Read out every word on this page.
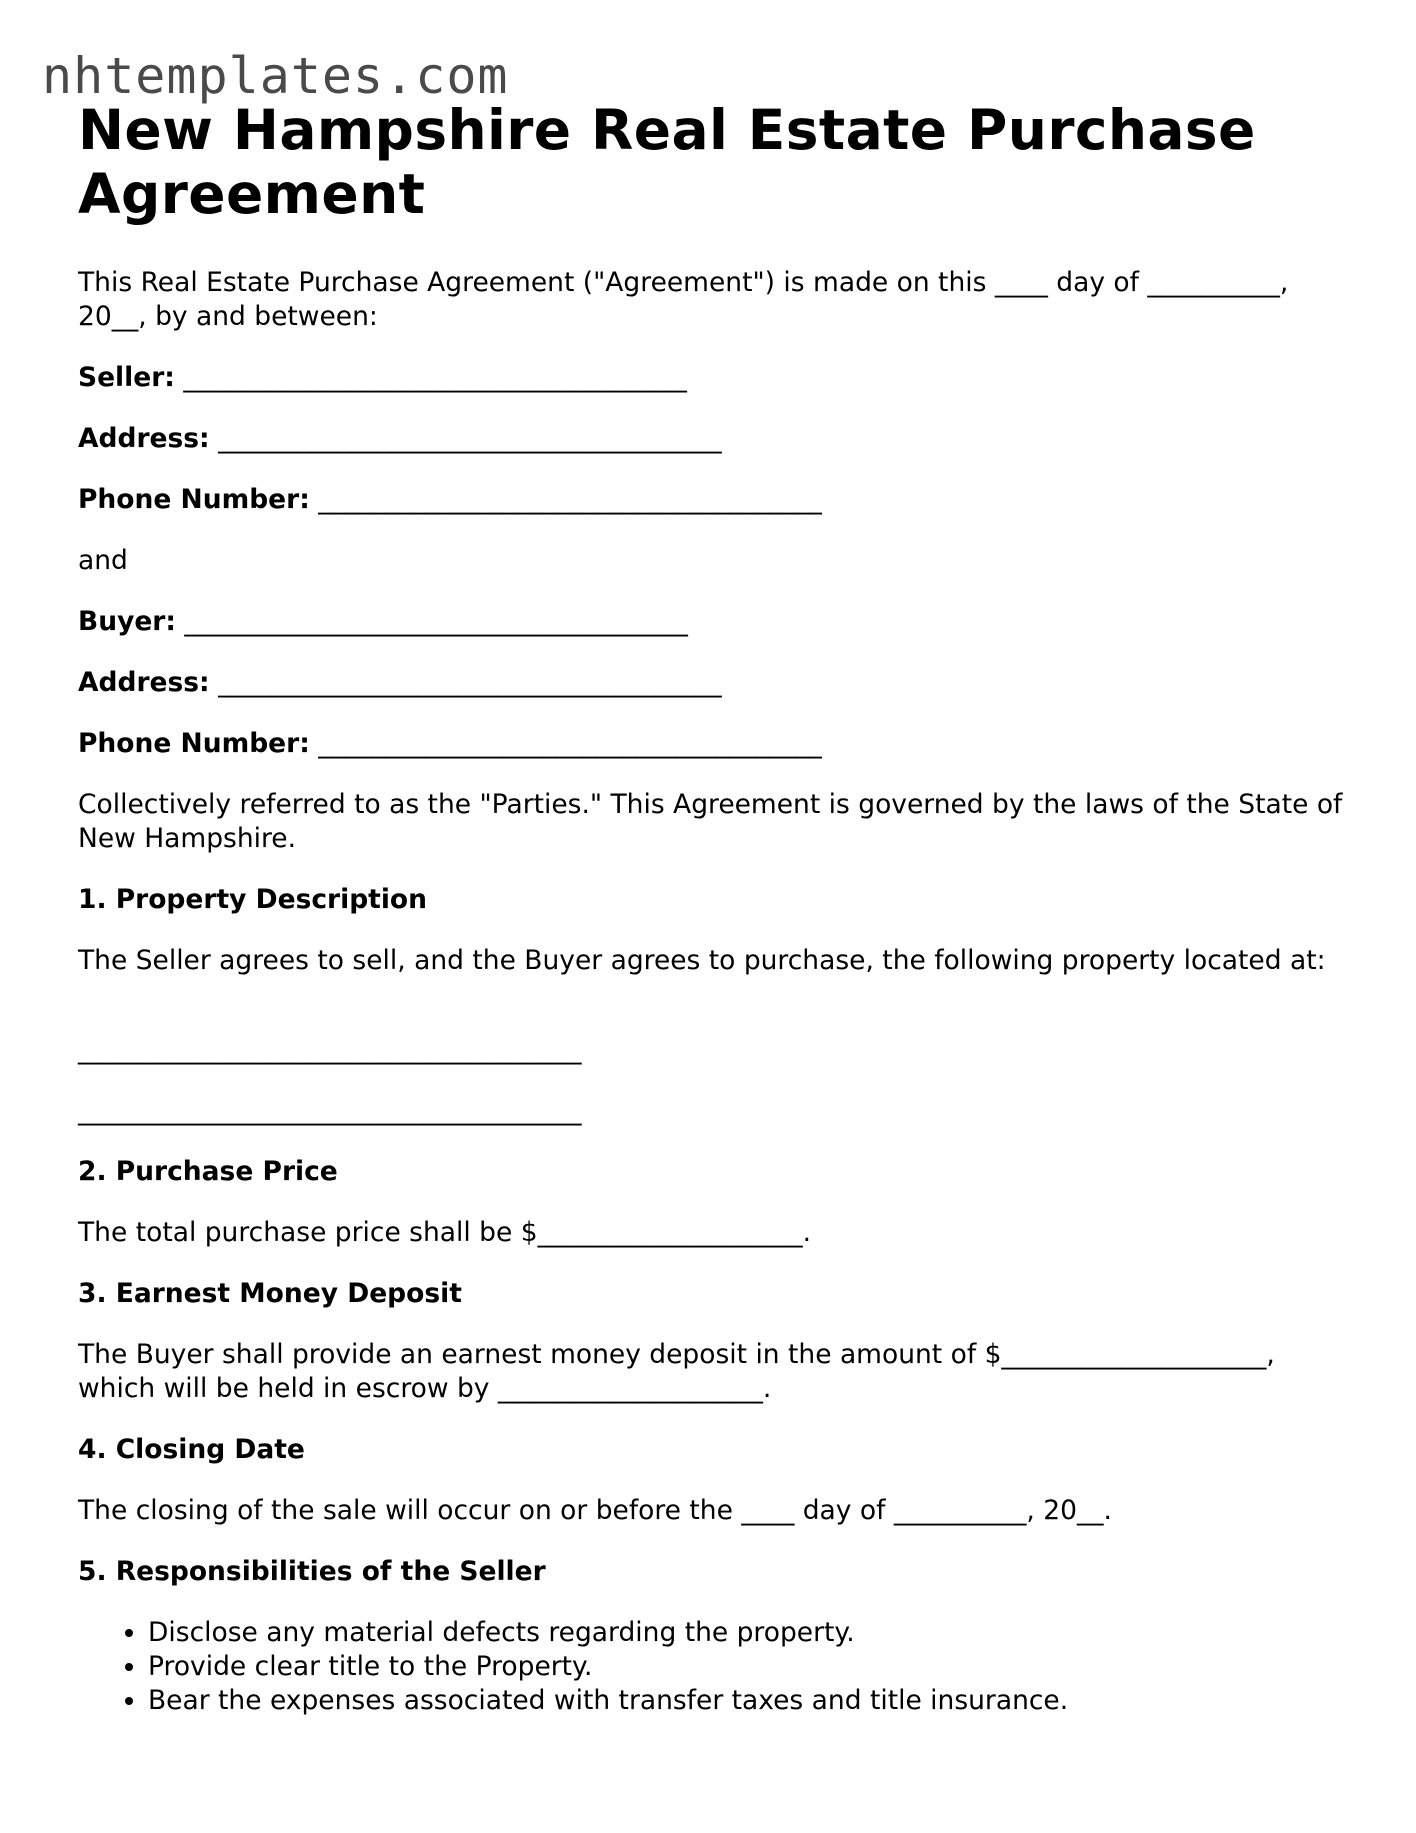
nhtemplates.com
New Hampshire Real Estate Purchase Agreement

This Real Estate Purchase Agreement ("Agreement") is made on this ____ day of __________, 20__, by and between:

Seller: ______________________________________

Address: ______________________________________

Phone Number: ______________________________________

and

Buyer: ______________________________________

Address: ______________________________________

Phone Number: ______________________________________

Collectively referred to as the "Parties." This Agreement is governed by the laws of the State of New Hampshire.

1. Property Description

The Seller agrees to sell, and the Buyer agrees to purchase, the following property located at:

______________________________________

______________________________________

2. Purchase Price

The total purchase price shall be $____________________.

3. Earnest Money Deposit

The Buyer shall provide an earnest money deposit in the amount of $____________________, which will be held in escrow by ____________________.

4. Closing Date

The closing of the sale will occur on or before the ____ day of __________, 20__.

5. Responsibilities of the Seller
• Disclose any material defects regarding the property.
• Provide clear title to the Property.
• Bear the expenses associated with transfer taxes and title insurance.
